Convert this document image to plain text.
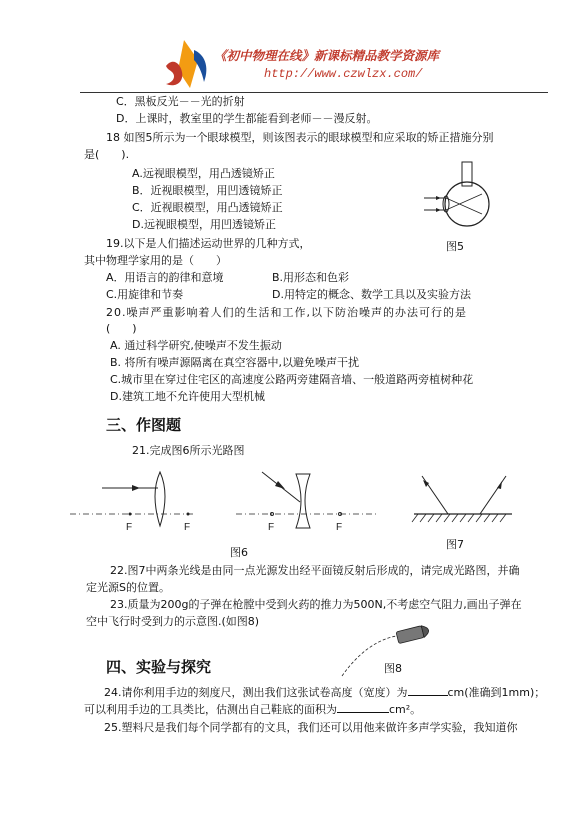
《初中物理在线》新课标精品教学资源库
http://www.czwlzx.com/
C．黑板反光－－光的折射
D．上课时，教室里的学生都能看到老师－－漫反射。
18 如图5所示为一个眼球模型，则该图表示的眼球模型和应采取的矫正措施分别
是(　　).
A.远视眼模型，用凸透镜矫正
B．近视眼模型，用凹透镜矫正
C．近视眼模型，用凸透镜矫正
D.远视眼模型，用凹透镜矫正
图5
19.以下是人们描述运动世界的几种方式，
其中物理学家用的是（　　）
A．用语言的韵律和意境	B.用形态和色彩
C.用旋律和节奏	D.用特定的概念、数学工具以及实验方法
20.噪声严重影响着人们的生活和工作,以下防治噪声的办法可行的是
(　　)
A. 通过科学研究,使噪声不发生振动
B. 将所有噪声源隔离在真空容器中,以避免噪声干扰
C.城市里在穿过住宅区的高速度公路两旁建隔音墙、一般道路两旁植树种花
D.建筑工地不允许使用大型机械
三、作图题
21.完成图6所示光路图
F	F	F	F
图6
图7
22.图7中两条光线是由同一点光源发出经平面镜反射后形成的，请完成光路图，并确
定光源S的位置。
23.质量为200g的子弹在枪膛中受到火药的推力为500N,不考虑空气阻力,画出子弹在
空中飞行时受到力的示意图.(如图8)
图8
四、实验与探究
24.请你利用手边的刻度尺，测出我们这张试卷高度（宽度）为	cm(准确到1mm)；
可以利用手边的工具类比，估测出自己鞋底的面积为	cm²。
25.塑料尺是我们每个同学都有的文具，我们还可以用他来做许多声学实验，我知道你
